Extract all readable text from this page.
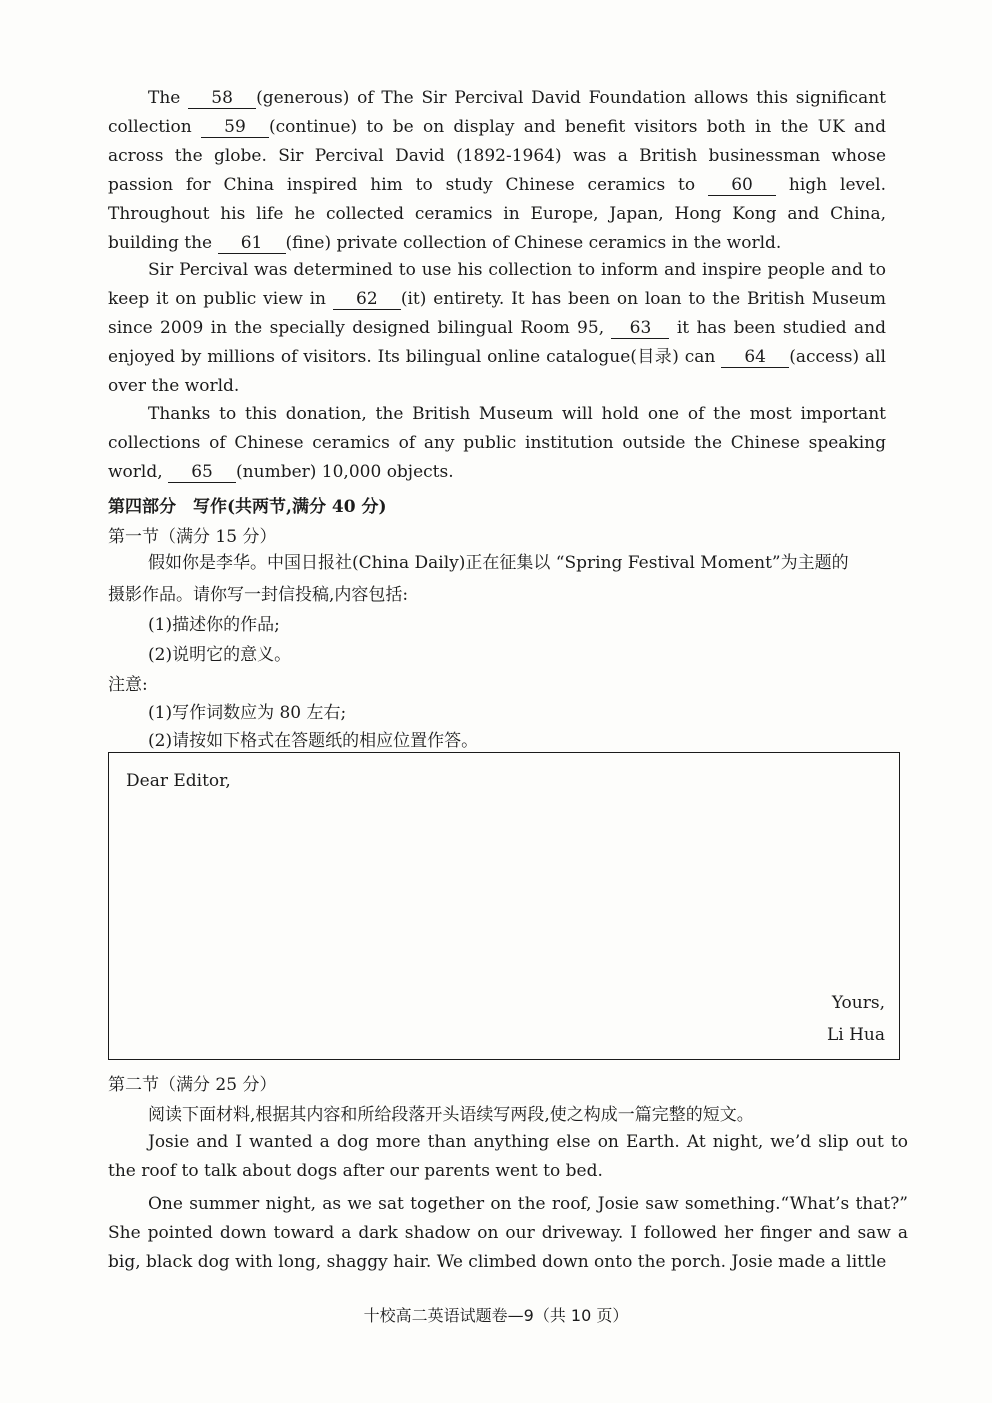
The 58 (generous) of The Sir Percival David Foundation allows this significant collection 59 (continue) to be on display and benefit visitors both in the UK and across the globe. Sir Percival David (1892-1964) was a British businessman whose passion for China inspired him to study Chinese ceramics to 60 high level. Throughout his life he collected ceramics in Europe, Japan, Hong Kong and China, building the 61 (fine) private collection of Chinese ceramics in the world.

Sir Percival was determined to use his collection to inform and inspire people and to keep it on public view in 62 (it) entirety. It has been on loan to the British Museum since 2009 in the specially designed bilingual Room 95, 63 it has been studied and enjoyed by millions of visitors. Its bilingual online catalogue(目录) can 64 (access) all over the world.

Thanks to this donation, the British Museum will hold one of the most important collections of Chinese ceramics of any public institution outside the Chinese speaking world, 65 (number) 10,000 objects.

第四部分　写作(共两节,满分 40 分)
第一节（满分 15 分）
假如你是李华。中国日报社(China Daily)正在征集以 “Spring Festival Moment”为主题的
摄影作品。请你写一封信投稿,内容包括:
(1)描述你的作品;
(2)说明它的意义。
注意:
(1)写作词数应为 80 左右;
(2)请按如下格式在答题纸的相应位置作答。
Dear Editor,
Yours,
Li Hua
第二节（满分 25 分）
阅读下面材料,根据其内容和所给段落开头语续写两段,使之构成一篇完整的短文。

Josie and I wanted a dog more than anything else on Earth. At night, we’d slip out to the roof to talk about dogs after our parents went to bed.

One summer night, as we sat together on the roof, Josie saw something.“What’s that?” She pointed down toward a dark shadow on our driveway. I followed her finger and saw a big, black dog with long, shaggy hair. We climbed down onto the porch. Josie made a little

十校高二英语试题卷—9（共 10 页）
